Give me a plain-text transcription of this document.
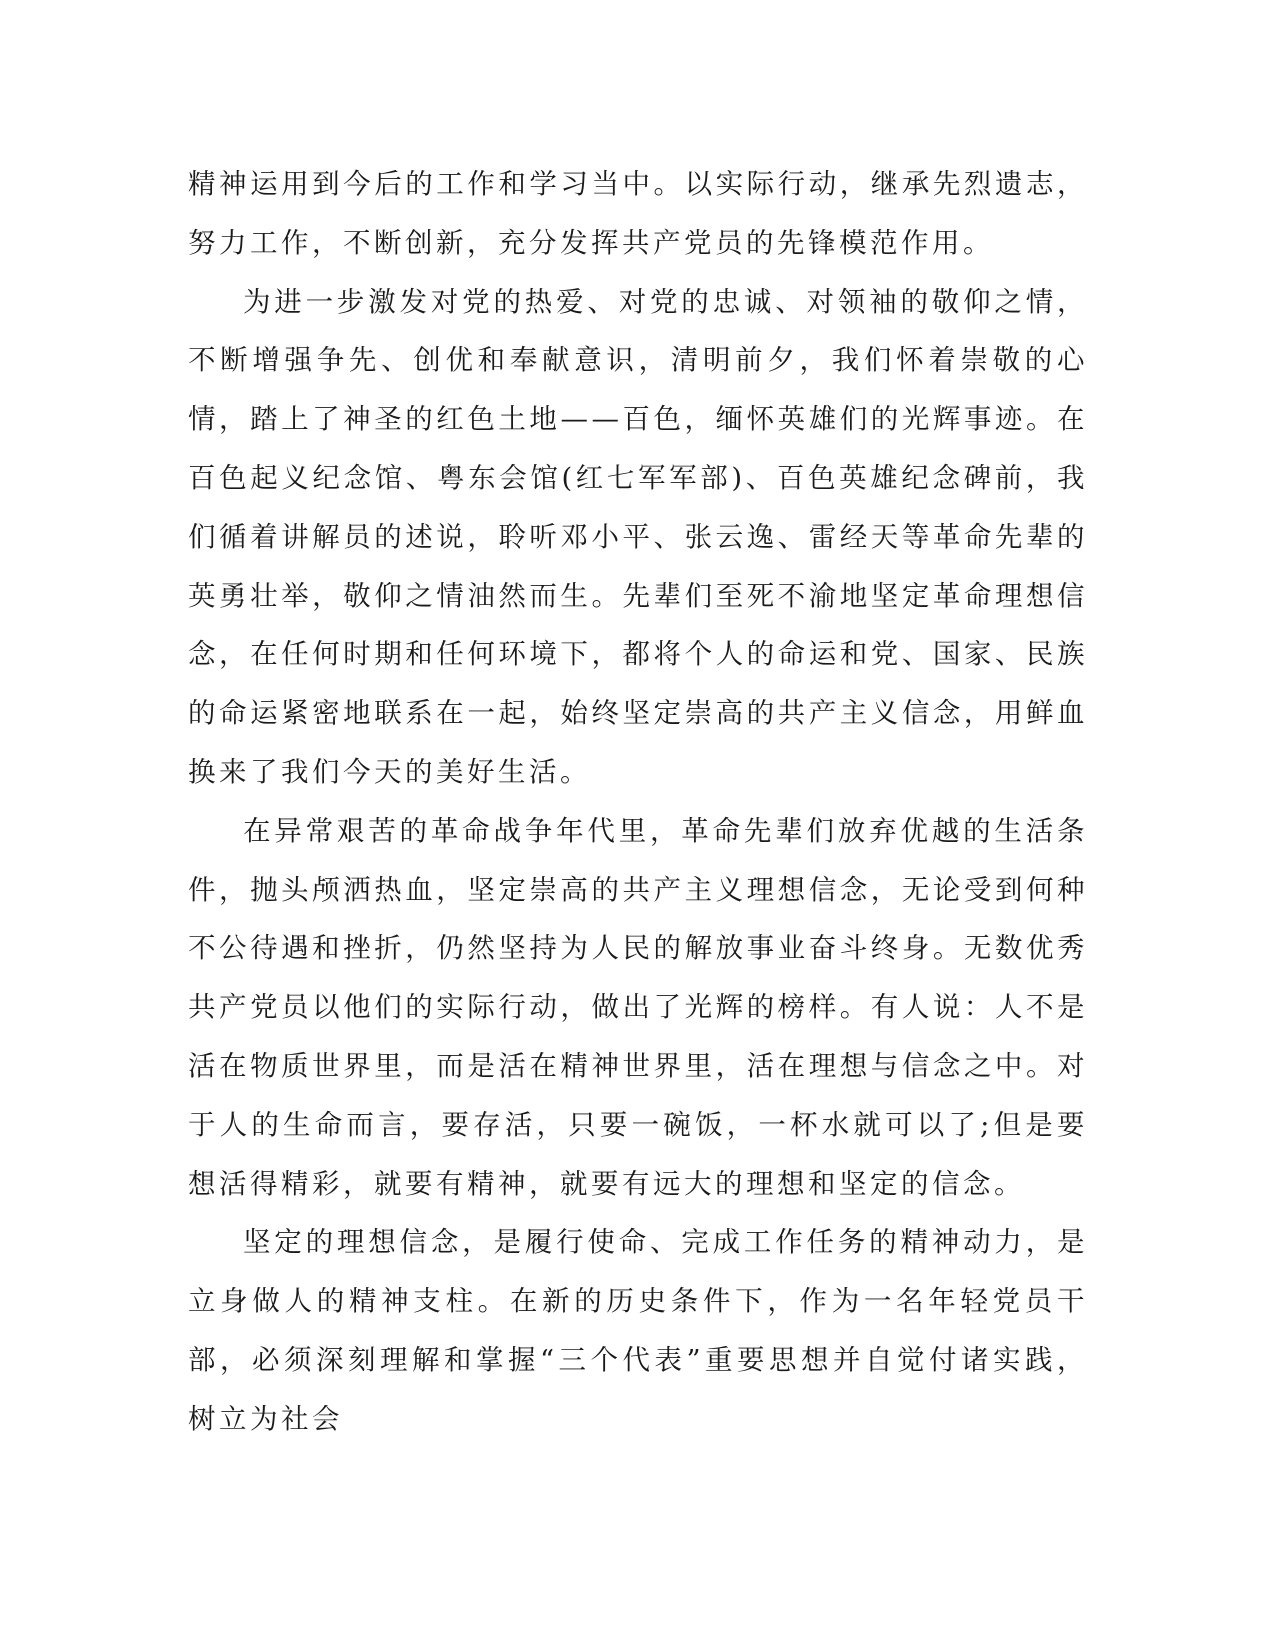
精神运用到今后的工作和学习当中。以实际行动，继承先烈遗志，努力工作，不断创新，充分发挥共产党员的先锋模范作用。

为进一步激发对党的热爱、对党的忠诚、对领袖的敬仰之情，不断增强争先、创优和奉献意识，清明前夕，我们怀着崇敬的心情，踏上了神圣的红色土地——百色，缅怀英雄们的光辉事迹。在百色起义纪念馆、粤东会馆(红七军军部)、百色英雄纪念碑前，我们循着讲解员的述说，聆听邓小平、张云逸、雷经天等革命先辈的英勇壮举，敬仰之情油然而生。先辈们至死不渝地坚定革命理想信念，在任何时期和任何环境下，都将个人的命运和党、国家、民族的命运紧密地联系在一起，始终坚定崇高的共产主义信念，用鲜血换来了我们今天的美好生活。

在异常艰苦的革命战争年代里，革命先辈们放弃优越的生活条件，抛头颅洒热血，坚定崇高的共产主义理想信念，无论受到何种不公待遇和挫折，仍然坚持为人民的解放事业奋斗终身。无数优秀共产党员以他们的实际行动，做出了光辉的榜样。有人说：人不是活在物质世界里，而是活在精神世界里，活在理想与信念之中。对于人的生命而言，要存活，只要一碗饭，一杯水就可以了;但是要想活得精彩，就要有精神，就要有远大的理想和坚定的信念。

坚定的理想信念，是履行使命、完成工作任务的精神动力，是立身做人的精神支柱。在新的历史条件下，作为一名年轻党员干部，必须深刻理解和掌握“三个代表”重要思想并自觉付诸实践，树立为社会
